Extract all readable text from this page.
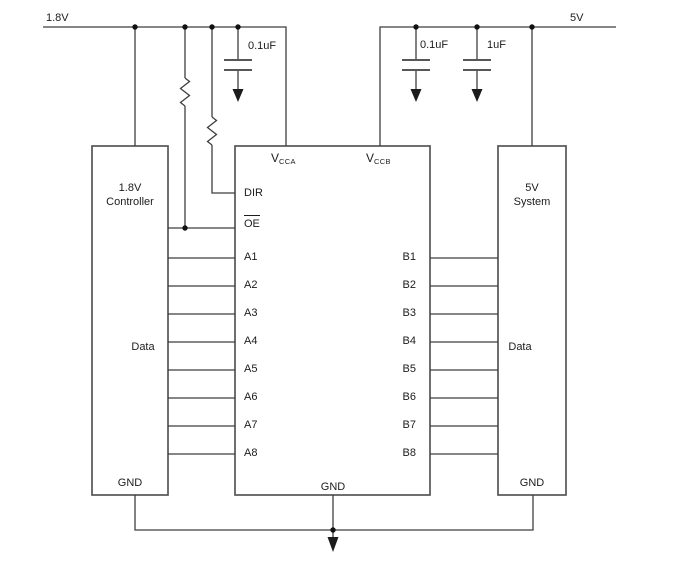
1.8V	5V
0.1uF	0.1uF	1uF
$V_{CCA}$	$V_{CCB}$
DIR
OE
A1
A2
A3
A4
A5
A6
A7
A8
B1
B2
B3
B4
B5
B6
B7
B8
GND
1.8V
Controller
Data
GND
5V
System
Data
GND
